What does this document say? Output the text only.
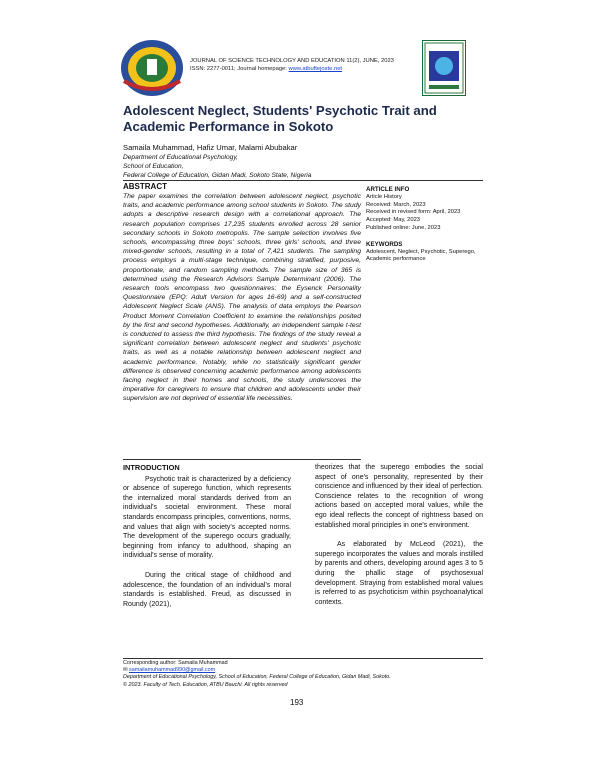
JOURNAL OF SCIENCE TECHNOLOGY AND EDUCATION 11(2), JUNE, 2023
ISSN: 2277-0011; Journal homepage: www.atbuftejoste.net
Adolescent Neglect, Students' Psychotic Trait and Academic Performance in Sokoto
Samaila Muhammad, Hafiz Umar, Malami Abubakar
Department of Educational Psychology,
School of Education,
Federal College of Education, Gidan Madi, Sokoto State, Nigeria
ABSTRACT
The paper examines the correlation between adolescent neglect, psychotic traits, and academic performance among school students in Sokoto. The study adopts a descriptive research design with a correlational approach. The research population comprises 17,235 students enrolled across 28 senior secondary schools in Sokoto metropolis. The sample selection involves five schools, encompassing three boys' schools, three girls' schools, and three mixed-gender schools, resulting in a total of 7,421 students. The sampling process employs a multi-stage technique, combining stratified, purposive, proportionate, and random sampling methods. The sample size of 365 is determined using the Research Advisors Sample Determinant (2006). The research tools encompass two questionnaires: the Eysenck Personality Questionnaire (EPQ: Adult Version for ages 16-69) and a self-constructed Adolescent Neglect Scale (ANS). The analysis of data employs the Pearson Product Moment Correlation Coefficient to examine the relationships posited by the first and second hypotheses. Additionally, an independent sample t-test is conducted to assess the third hypothesis. The findings of the study reveal a significant correlation between adolescent neglect and students' psychotic traits, as well as a notable relationship between adolescent neglect and academic performance. Notably, while no statistically significant gender difference is observed concerning academic performance among adolescents facing neglect in their homes and schools, the study underscores the imperative for caregivers to ensure that children and adolescents under their supervision are not deprived of essential life necessities.
ARTICLE INFO
Article History
Received: March, 2023
Received in revised form: April, 2023
Accepted: May, 2023
Published online: June, 2023
KEYWORDS
Adolescent, Neglect, Psychotic, Superego, Academic performance
INTRODUCTION

Psychotic trait is characterized by a deficiency or absence of superego function, which represents the internalized moral standards derived from an individual's societal environment. These moral standards encompass principles, conventions, norms, and values that align with society's accepted norms. The development of the superego occurs gradually, beginning from infancy to adulthood, shaping an individual's sense of morality.

During the critical stage of childhood and adolescence, the foundation of an individual's moral standards is established. Freud, as discussed in Roundy (2021),

theorizes that the superego embodies the social aspect of one's personality, represented by their conscience and influenced by their ideal of perfection. Conscience relates to the recognition of wrong actions based on accepted moral values, while the ego ideal reflects the concept of rightness based on established moral principles in one's environment.

As elaborated by McLeod (2021), the superego incorporates the values and morals instilled by parents and others, developing around ages 3 to 5 during the phallic stage of psychosexual development. Straying from established moral values is referred to as psychoticism within psychoanalytical contexts.

Corresponding author: Samaila Muhammad
✉ samailamuhammad990@gmail.com
Department of Educational Psychology, School of Education, Federal College of Education, Gidan Madi, Sokoto.
© 2023. Faculty of Tech. Education, ATBU Bauchi. All rights reserved
193
